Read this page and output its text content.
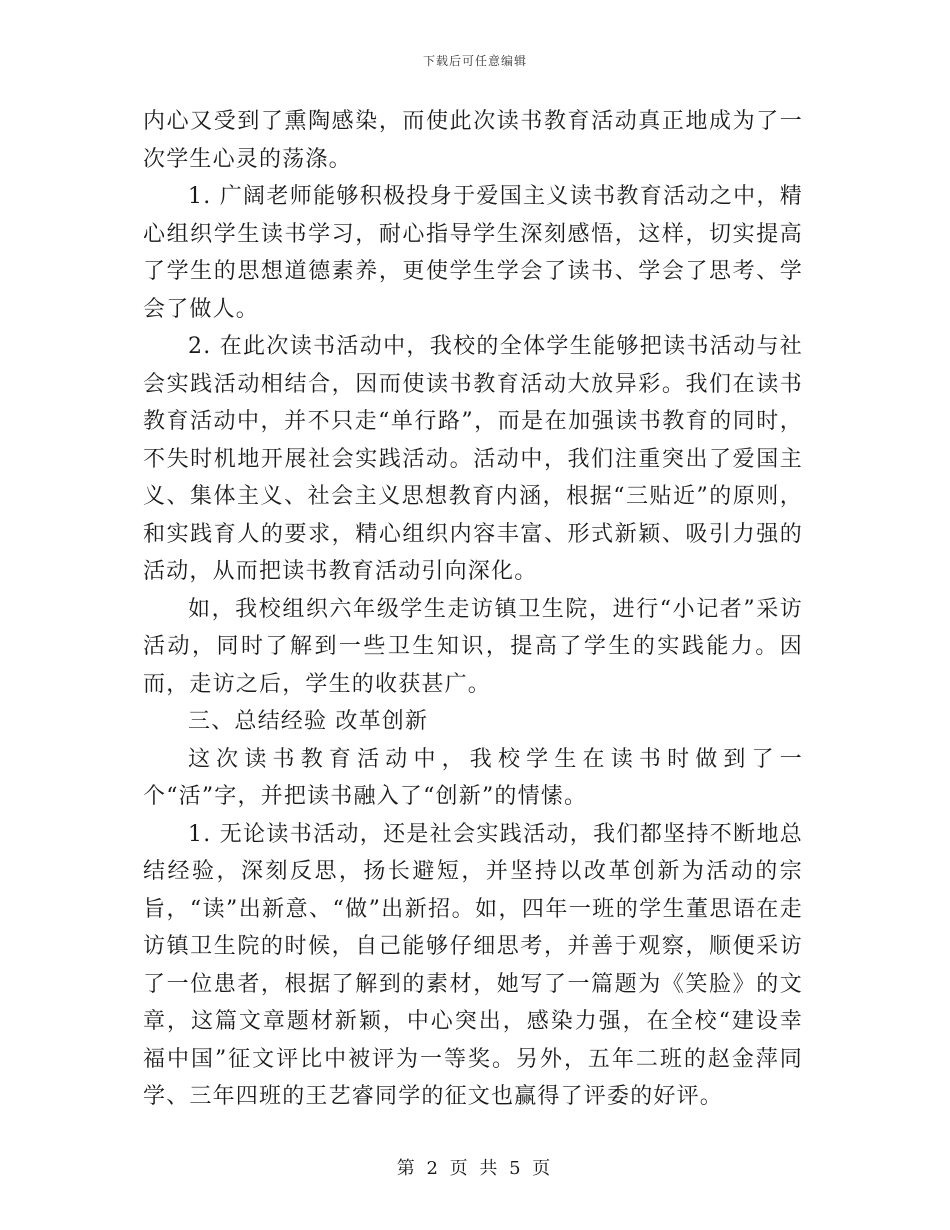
下载后可任意编辑

内心又受到了熏陶感染，而使此次读书教育活动真正地成为了一次学生心灵的荡涤。

1. 广阔老师能够积极投身于爱国主义读书教育活动之中，精心组织学生读书学习，耐心指导学生深刻感悟，这样，切实提高了学生的思想道德素养，更使学生学会了读书、学会了思考、学会了做人。

2. 在此次读书活动中，我校的全体学生能够把读书活动与社会实践活动相结合，因而使读书教育活动大放异彩。我们在读书教育活动中，并不只走“单行路”，而是在加强读书教育的同时，不失时机地开展社会实践活动。活动中，我们注重突出了爱国主义、集体主义、社会主义思想教育内涵，根据“三贴近”的原则，和实践育人的要求，精心组织内容丰富、形式新颖、吸引力强的活动，从而把读书教育活动引向深化。

如，我校组织六年级学生走访镇卫生院，进行“小记者”采访活动，同时了解到一些卫生知识，提高了学生的实践能力。因而，走访之后，学生的收获甚广。

三、总结经验 改革创新

这次读书教育活动中，我校学生在读书时做到了一个“活”字，并把读书融入了“创新”的情愫。

1. 无论读书活动，还是社会实践活动，我们都坚持不断地总结经验，深刻反思，扬长避短，并坚持以改革创新为活动的宗旨，“读”出新意、“做”出新招。如，四年一班的学生董思语在走访镇卫生院的时候，自己能够仔细思考，并善于观察，顺便采访了一位患者，根据了解到的素材，她写了一篇题为《笑脸》的文章，这篇文章题材新颖，中心突出，感染力强，在全校“建设幸福中国”征文评比中被评为一等奖。另外，五年二班的赵金萍同学、三年四班的王艺睿同学的征文也赢得了评委的好评。

第 2 页 共 5 页
